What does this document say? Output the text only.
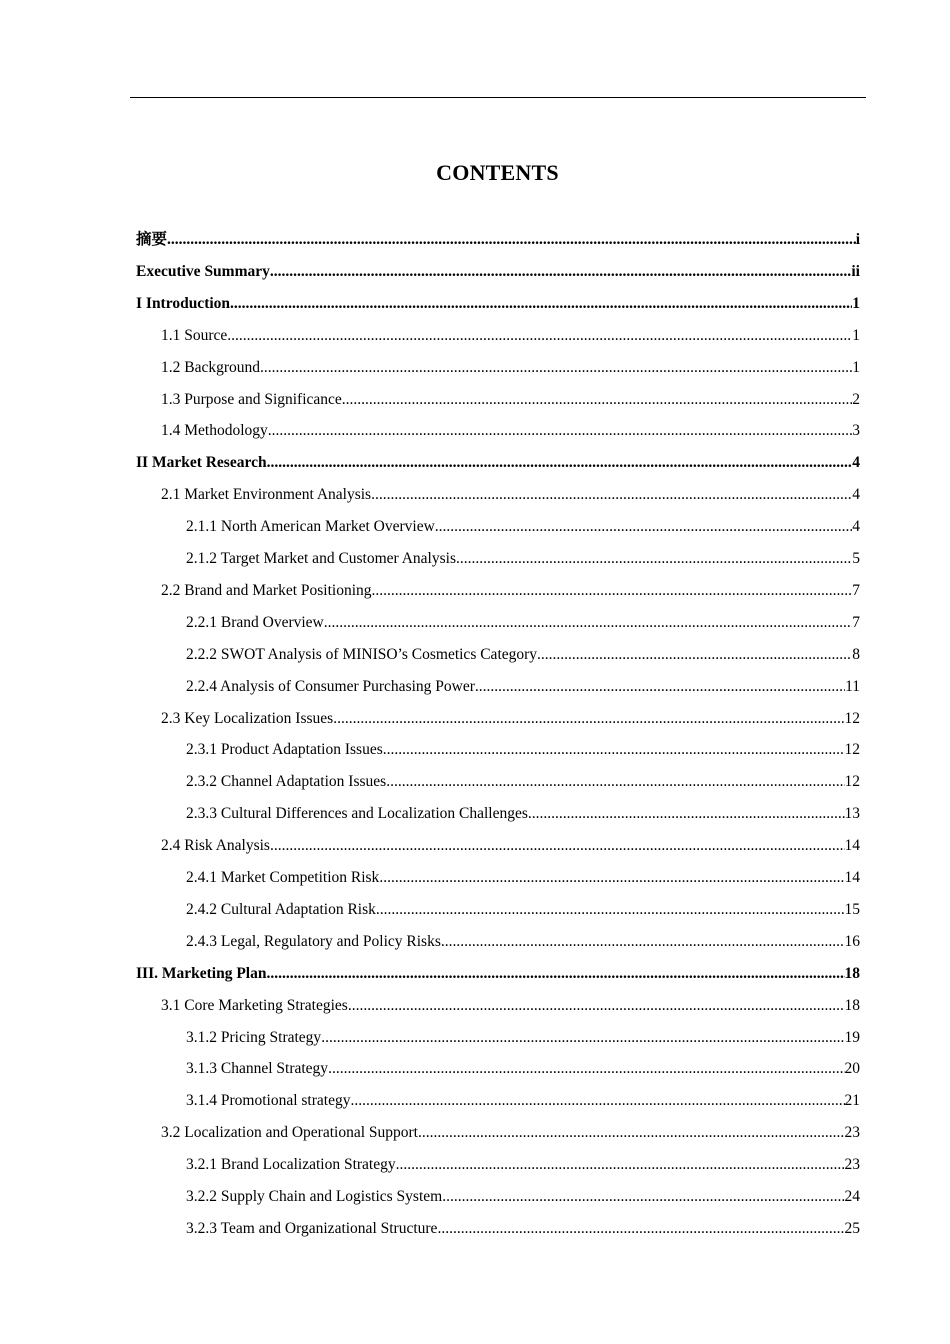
CONTENTS
摘要 .....	i
Executive Summary .....	ii
I Introduction .....	1
1.1 Source .....	1
1.2 Background .....	1
1.3 Purpose and Significance .....	2
1.4 Methodology .....	3
II Market Research .....	4
2.1 Market Environment Analysis .....	4
2.1.1 North American Market Overview .....	4
2.1.2 Target Market and Customer Analysis .....	5
2.2 Brand and Market Positioning .....	7
2.2.1 Brand Overview .....	7
2.2.2 SWOT Analysis of MINISO’s Cosmetics Category .....	8
2.2.4 Analysis of Consumer Purchasing Power .....	11
2.3 Key Localization Issues .....	12
2.3.1 Product Adaptation Issues .....	12
2.3.2 Channel Adaptation Issues .....	12
2.3.3 Cultural Differences and Localization Challenges .....	13
2.4 Risk Analysis .....	14
2.4.1 Market Competition Risk .....	14
2.4.2 Cultural Adaptation Risk .....	15
2.4.3 Legal, Regulatory and Policy Risks .....	16
III. Marketing Plan .....	18
3.1 Core Marketing Strategies .....	18
3.1.2 Pricing Strategy .....	19
3.1.3 Channel Strategy .....	20
3.1.4 Promotional strategy .....	21
3.2 Localization and Operational Support .....	23
3.2.1 Brand Localization Strategy .....	23
3.2.2 Supply Chain and Logistics System .....	24
3.2.3 Team and Organizational Structure .....	25
